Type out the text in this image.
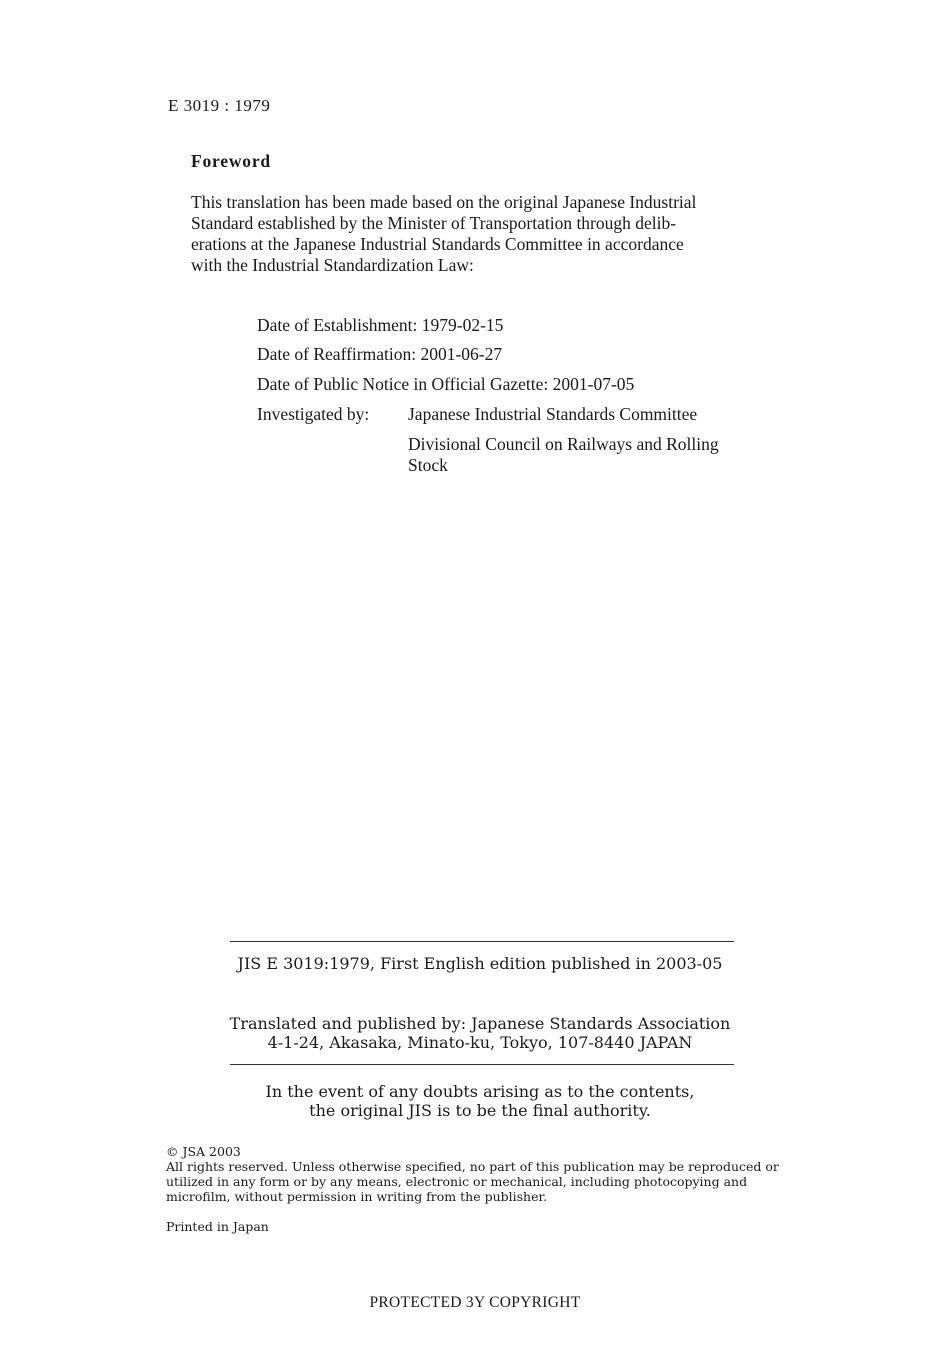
E 3019 : 1979
Foreword
This translation has been made based on the original Japanese Industrial
Standard established by the Minister of Transportation through delib-
erations at the Japanese Industrial Standards Committee in accordance
with the Industrial Standardization Law:
Date of Establishment: 1979-02-15
Date of Reaffirmation: 2001-06-27
Date of Public Notice in Official Gazette: 2001-07-05
Investigated by: Japanese Industrial Standards Committee
Divisional Council on Railways and Rolling
Stock
JIS E 3019:1979, First English edition published in 2003-05
Translated and published by: Japanese Standards Association
4-1-24, Akasaka, Minato-ku, Tokyo, 107-8440 JAPAN
In the event of any doubts arising as to the contents,
the original JIS is to be the final authority.
© JSA 2003
All rights reserved. Unless otherwise specified, no part of this publication may be reproduced or
utilized in any form or by any means, electronic or mechanical, including photocopying and
microfilm, without permission in writing from the publisher.
Printed in Japan
PROTECTED 3Y COPYRIGHT
